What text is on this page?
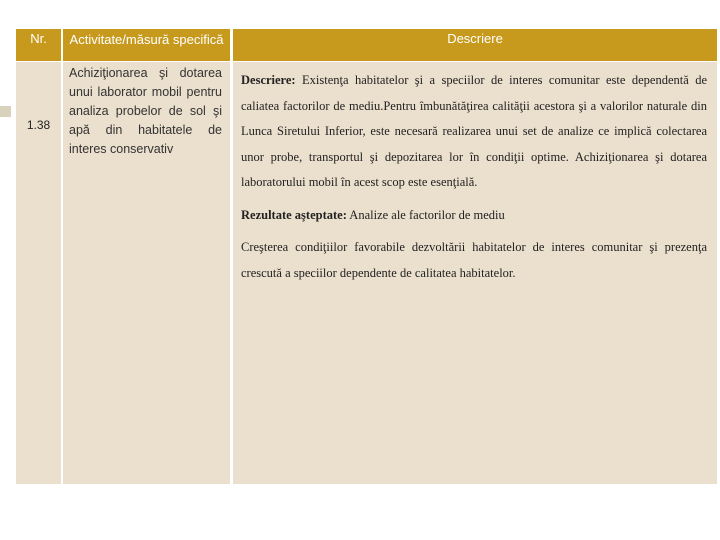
Nr.	Activitate/măsură specifică	Descriere
1.38
Achiziţionarea şi dotarea unui laborator mobil pentru analiza probelor de sol şi apă din habitatele de interes conservativ

Descriere: Existenţa habitatelor şi a speciilor de interes comunitar este dependentă de caliatea factorilor de mediu.Pentru îmbunătăţirea calităţii acestora şi a valorilor naturale din Lunca Siretului Inferior, este necesară realizarea unui set de analize ce implică colectarea unor probe, transportul şi depozitarea lor în condiţii optime. Achiziţionarea şi dotarea laboratorului mobil în acest scop este esenţială.

Rezultate aşteptate: Analize ale factorilor de mediu

Creşterea condiţiilor favorabile dezvoltării habitatelor de interes comunitar şi prezenţa crescută a speciilor dependente de calitatea habitatelor.
